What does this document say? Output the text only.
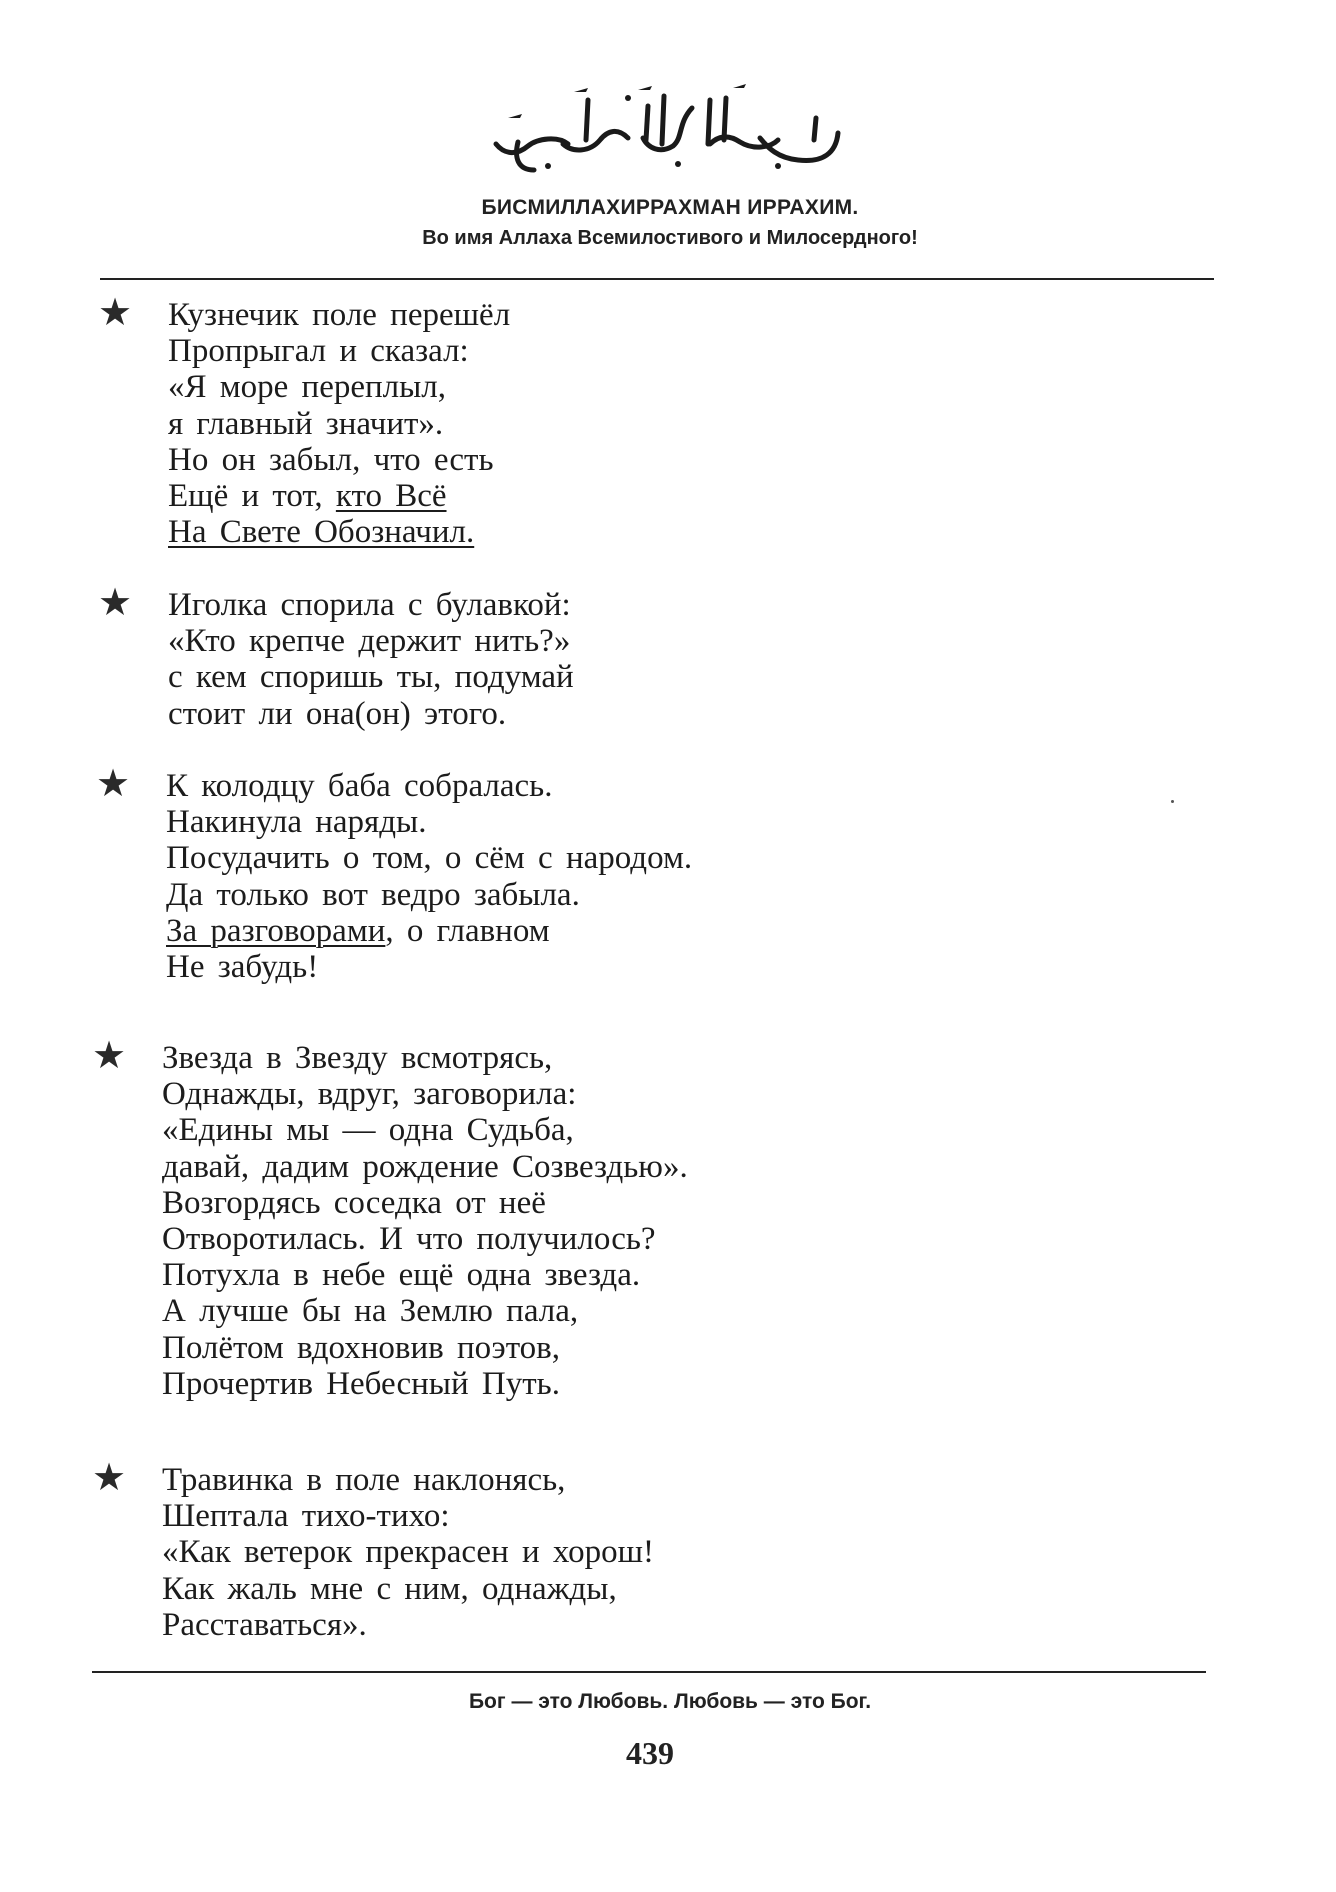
БИСМИЛЛАХИРРАХМАН ИРРАХИМ.
Во имя Аллаха Всемилостивого и Милосердного!
★ Кузнечик поле перешёл
Пропрыгал и сказал:
«Я море переплыл,
я главный значит».
Но он забыл, что есть
Ещё и тот, кто Всё
На Свете Обозначил.
★ Иголка спорила с булавкой:
«Кто крепче держит нить?»
с кем споришь ты, подумай
стоит ли она(он) этого.
★ К колодцу баба собралась.
Накинула наряды.
Посудачить о том, о сём с народом.
Да только вот ведро забыла.
За разговорами, о главном
Не забудь!
★ Звезда в Звезду всмотрясь,
Однажды, вдруг, заговорила:
«Едины мы — одна Судьба,
давай, дадим рождение Созвездью».
Возгордясь соседка от неё
Отворотилась. И что получилось?
Потухла в небе ещё одна звезда.
А лучше бы на Землю пала,
Полётом вдохновив поэтов,
Прочертив Небесный Путь.
★ Травинка в поле наклонясь,
Шептала тихо-тихо:
«Как ветерок прекрасен и хорош!
Как жаль мне с ним, однажды,
Расставаться».
Бог — это Любовь. Любовь — это Бог.
439
